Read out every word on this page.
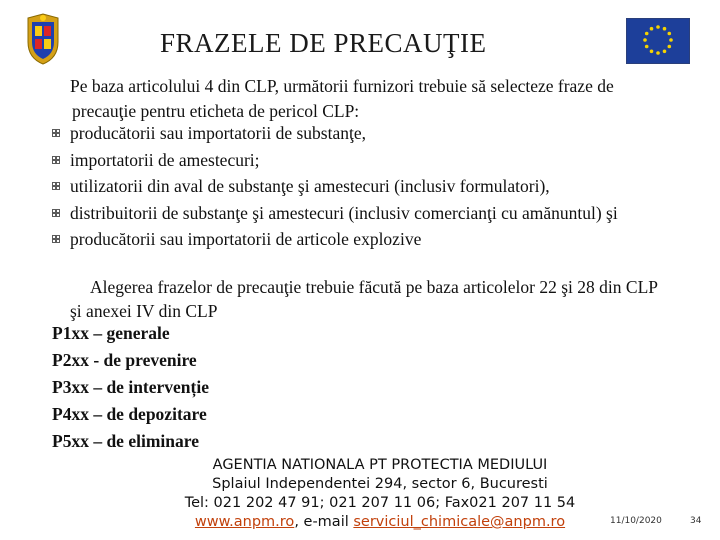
FRAZELE DE PRECAUŢIE
Pe baza articolului 4 din CLP, următorii furnizori trebuie să selecteze fraze de
precauţie pentru eticheta de pericol CLP:
producătorii sau importatorii de substanţe,
importatorii de amestecuri;
utilizatorii din aval de substanţe şi amestecuri (inclusiv formulatori),
distribuitorii de substanţe şi amestecuri (inclusiv comercianţi cu amănuntul) şi
producătorii sau importatorii de articole explozive
Alegerea frazelor de precauţie trebuie făcută pe baza articolelor 22 şi 28 din CLP
şi anexei IV din CLP
P1xx – generale
P2xx - de prevenire
P3xx – de intervenție
P4xx – de depozitare
P5xx – de eliminare
AGENTIA NATIONALA PT PROTECTIA MEDIULUI
Splaiul Independentei 294, sector 6, Bucuresti
Tel: 021 202 47 91; 021 207 11 06; Fax021 207 11 54
www.anpm.ro, e-mail serviciul_chimicale@anpm.ro	11/10/2020	34
